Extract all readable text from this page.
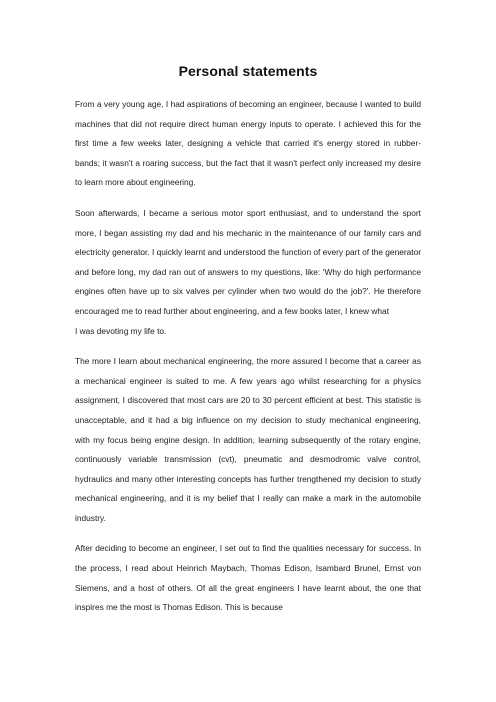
Personal statements

From a very young age, I had aspirations of becoming an engineer, because I wanted to build machines that did not require direct human energy inputs to operate. I achieved this for the first time a few weeks later, designing a vehicle that carried it's energy stored in rubber-bands; it wasn't a roaring success, but the fact that it wasn't perfect only increased my desire to learn more about engineering.

Soon afterwards, I became a serious motor sport enthusiast, and to understand the sport more, I began assisting my dad and his mechanic in the maintenance of our family cars and electricity generator. I quickly learnt and understood the function of every part of the generator and before long, my dad ran out of answers to my questions, like: 'Why do high performance engines often have up to six valves per cylinder when two would do the job?'. He therefore encouraged me to read further about engineering, and a few books later, I knew what
I was devoting my life to.

The more I learn about mechanical engineering, the more assured I become that a career as a mechanical engineer is suited to me. A few years ago whilst researching for a physics assignment, I discovered that most cars are 20 to 30 percent efficient at best. This statistic is unacceptable, and it had a big influence on my decision to study mechanical engineering, with my focus being engine design. In addition, learning subsequently of the rotary engine, continuously variable transmission (cvt), pneumatic and desmodromic valve control, hydraulics and many other interesting concepts has further trengthened my decision to study mechanical engineering, and it is my belief that I really can make a mark in the automobile industry.

After deciding to become an engineer, I set out to find the qualities necessary for success. In the process, I read about Heinrich Maybach, Thomas Edison, Isambard Brunel, Ernst von Siemens, and a host of others. Of all the great engineers I have learnt about, the one that inspires me the most is Thomas Edison. This is because
